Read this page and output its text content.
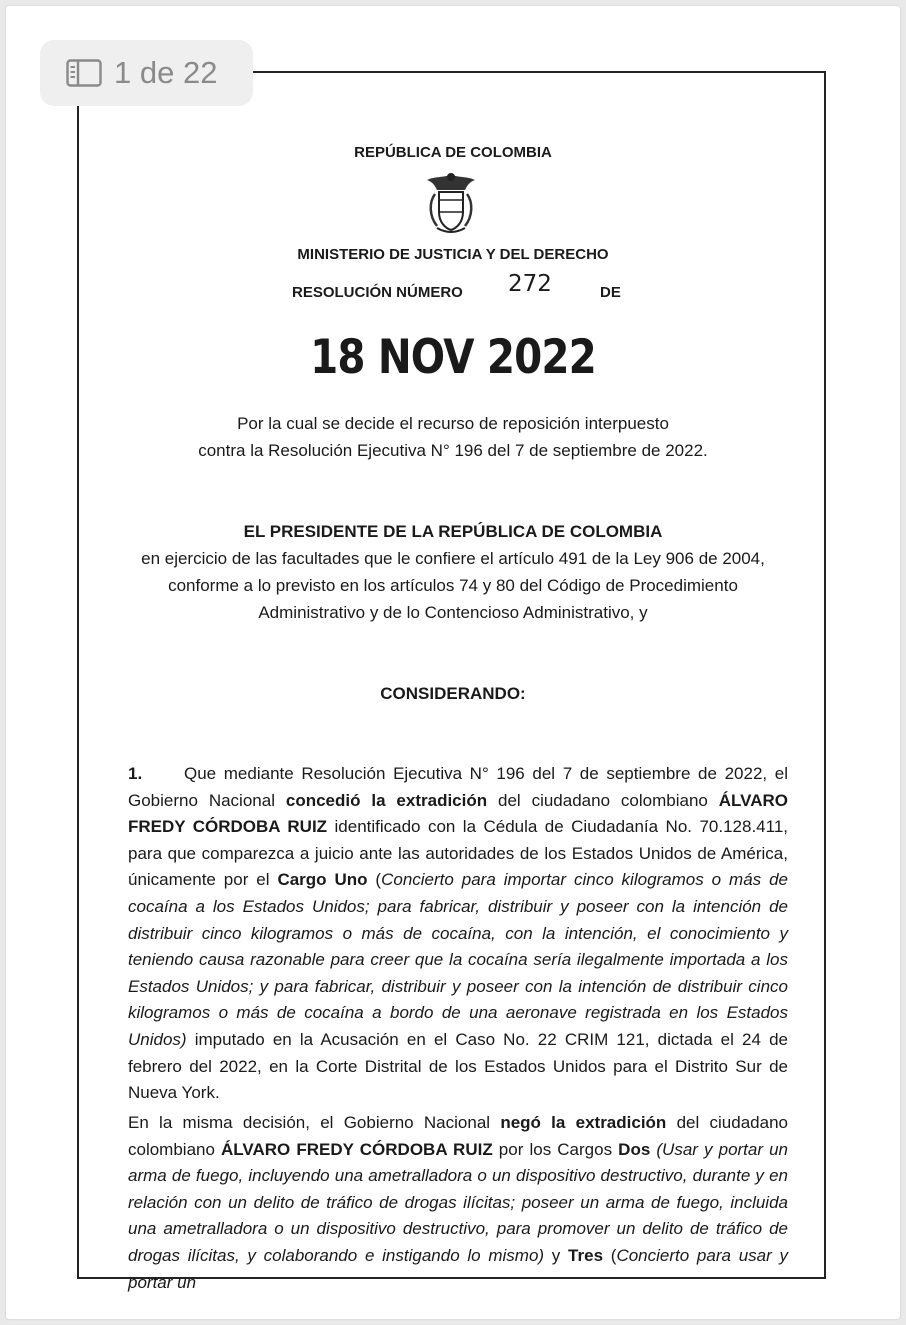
1 de 22
REPÚBLICA DE COLOMBIA
MINISTERIO DE JUSTICIA Y DEL DERECHO
RESOLUCIÓN NÚMERO 272	DE
18 NOV 2022
Por la cual se decide el recurso de reposición interpuesto
contra la Resolución Ejecutiva N° 196 del 7 de septiembre de 2022.
EL PRESIDENTE DE LA REPÚBLICA DE COLOMBIA
en ejercicio de las facultades que le confiere el artículo 491 de la Ley 906 de 2004,
conforme a lo previsto en los artículos 74 y 80 del Código de Procedimiento
Administrativo y de lo Contencioso Administrativo, y
CONSIDERANDO:
1. Que mediante Resolución Ejecutiva N° 196 del 7 de septiembre de 2022, el Gobierno Nacional concedió la extradición del ciudadano colombiano ÁLVARO FREDY CÓRDOBA RUIZ identificado con la Cédula de Ciudadanía No. 70.128.411, para que comparezca a juicio ante las autoridades de los Estados Unidos de América, únicamente por el Cargo Uno (Concierto para importar cinco kilogramos o más de cocaína a los Estados Unidos; para fabricar, distribuir y poseer con la intención de distribuir cinco kilogramos o más de cocaína, con la intención, el conocimiento y teniendo causa razonable para creer que la cocaína sería ilegalmente importada a los Estados Unidos; y para fabricar, distribuir y poseer con la intención de distribuir cinco kilogramos o más de cocaína a bordo de una aeronave registrada en los Estados Unidos) imputado en la Acusación en el Caso No. 22 CRIM 121, dictada el 24 de febrero del 2022, en la Corte Distrital de los Estados Unidos para el Distrito Sur de Nueva York.
En la misma decisión, el Gobierno Nacional negó la extradición del ciudadano colombiano ÁLVARO FREDY CÓRDOBA RUIZ por los Cargos Dos (Usar y portar un arma de fuego, incluyendo una ametralladora o un dispositivo destructivo, durante y en relación con un delito de tráfico de drogas ilícitas; poseer un arma de fuego, incluida una ametralladora o un dispositivo destructivo, para promover un delito de tráfico de drogas ilícitas, y colaborando e instigando lo mismo) y Tres (Concierto para usar y portar un
